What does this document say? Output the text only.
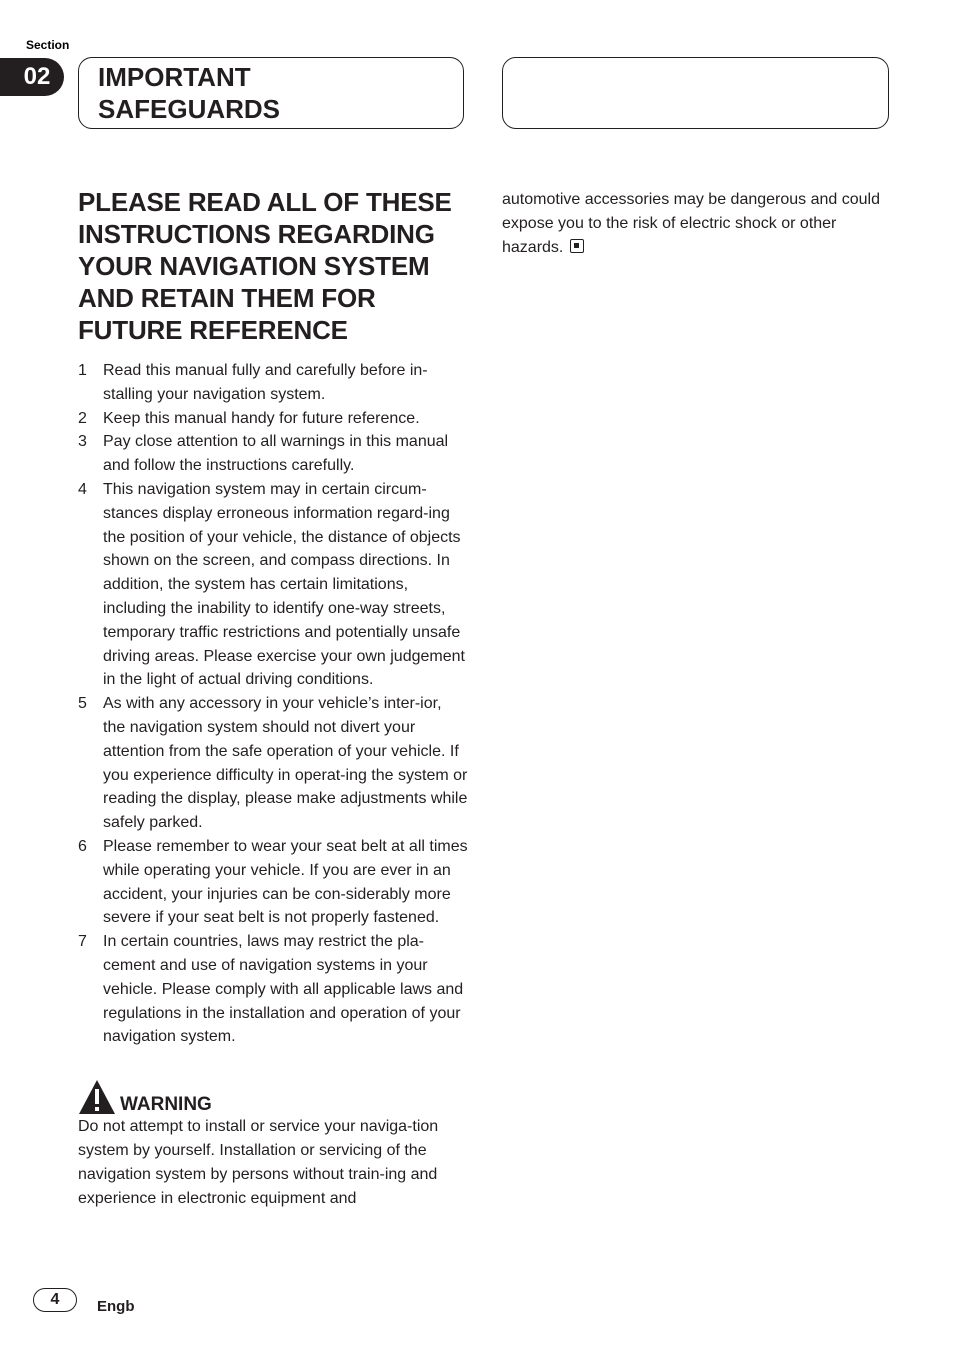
Section
02	IMPORTANT SAFEGUARDS
PLEASE READ ALL OF THESE INSTRUCTIONS REGARDING YOUR NAVIGATION SYSTEM AND RETAIN THEM FOR FUTURE REFERENCE
1 Read this manual fully and carefully before in-stalling your navigation system.
2 Keep this manual handy for future reference.
3 Pay close attention to all warnings in this manual and follow the instructions carefully.
4 This navigation system may in certain circum-stances display erroneous information regard-ing the position of your vehicle, the distance of objects shown on the screen, and compass directions. In addition, the system has certain limitations, including the inability to identify one-way streets, temporary traffic restrictions and potentially unsafe driving areas. Please exercise your own judgement in the light of actual driving conditions.
5 As with any accessory in your vehicle’s inter-ior, the navigation system should not divert your attention from the safe operation of your vehicle. If you experience difficulty in operat-ing the system or reading the display, please make adjustments while safely parked.
6 Please remember to wear your seat belt at all times while operating your vehicle. If you are ever in an accident, your injuries can be con-siderably more severe if your seat belt is not properly fastened.
7 In certain countries, laws may restrict the pla-cement and use of navigation systems in your vehicle. Please comply with all applicable laws and regulations in the installation and operation of your navigation system.
WARNING

Do not attempt to install or service your naviga-tion system by yourself. Installation or servicing of the navigation system by persons without train-ing and experience in electronic equipment and

automotive accessories may be dangerous and could expose you to the risk of electric shock or other hazards.
4	Engb
